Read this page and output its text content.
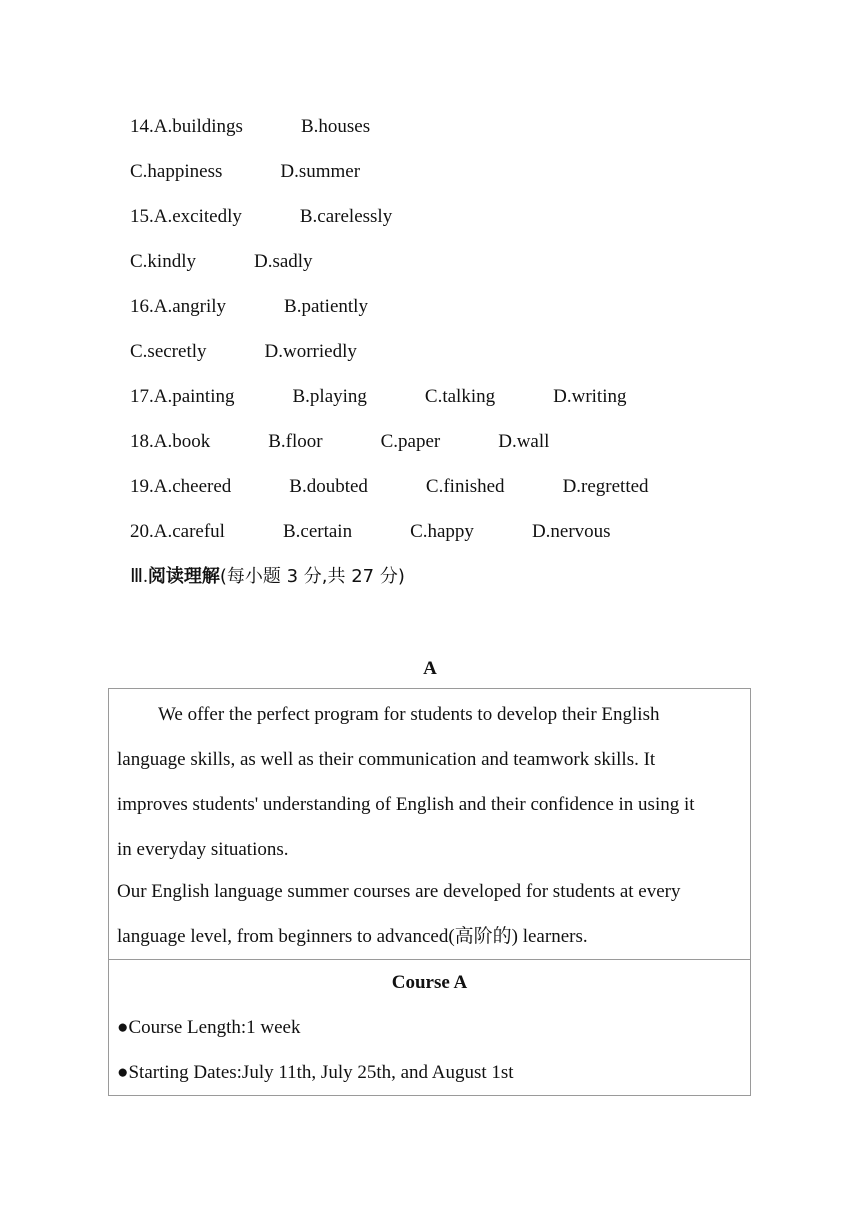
14.A.buildings	B.houses
C.happiness	D.summer
15.A.excitedly	B.carelessly
C.kindly	D.sadly
16.A.angrily	B.patiently
C.secretly	D.worriedly
17.A.painting	B.playing	C.talking	D.writing
18.A.book	B.floor	C.paper	D.wall
19.A.cheered	B.doubted	C.finished	D.regretted
20.A.careful	B.certain	C.happy	D.nervous
Ⅲ.阅读理解(每小题 3 分,共 27 分)
A

We offer the perfect program for students to develop their English
language skills, as well as their communication and teamwork skills. It
improves students' understanding of English and their confidence in using it
in everyday situations.

Our English language summer courses are developed for students at every
language level, from beginners to advanced(高阶的) learners.

Course A
●Course Length:1 week
●Starting Dates:July 11th, July 25th, and August 1st
